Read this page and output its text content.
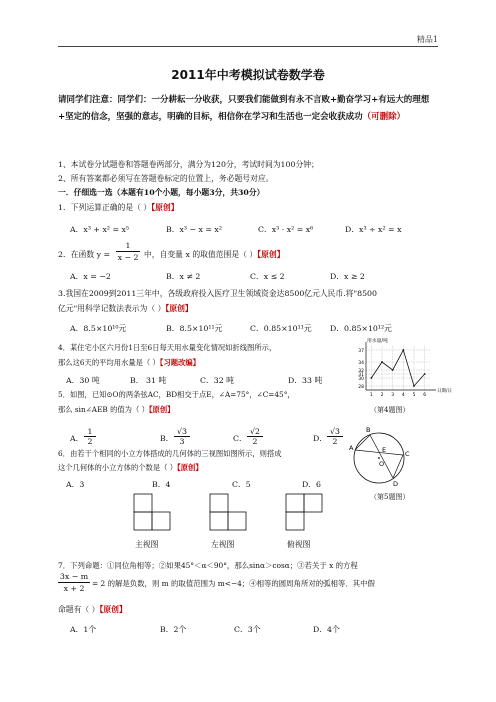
精品1
2011年中考模拟试卷数学卷
请同学们注意：同学们：一分耕耘一分收获，只要我们能做到有永不言败+勤奋学习+有远大的理想+坚定的信念，坚强的意志，明确的目标，相信你在学习和生活也一定会收获成功（可删除）
1、本试卷分试题卷和答题卷两部分，满分为120分，考试时间为100分钟；
2、所有答案都必须写在答题卷标定的位置上，务必题号对应。
一．仔细选一选（本题有10个小题，每小题3分，共30分）
1．下列运算正确的是（ ）【原创】
A．x³ + x² = x⁵	B．x³ − x = x²	C．x³ · x² = x⁶	D．x³ ÷ x² = x
2．在函数 y =
1
x − 2 中，自变量 x 的取值范围是（ ）【原创】
A．x = −2	B．x ≠ 2	C．x ≤ 2	D．x ≥ 2
3.我国在2009到2011三年中，各级政府投入医疗卫生领域资金达8500亿元人民币.将"8500
亿元"用科学记数法表示为（ ）【原创】
A．8.5×10¹⁰元	B．8.5×10¹¹元	C．0.85×10¹¹元 D．0.85×10¹²元
4．某住宅小区六月份1日至6日每天用水量变化情况如折线图所示，
那么这6天的平均用水量是（ ）【习题改编】
A．30 吨	B． 31 吨	C．32 吨	D．33 吨
28
30
31
32
34
37
1 2 3 4 5 6
用水量/吨
日期/日
（第4题图）
5．如图，已知⊙O的两条弦AC，BD相交于点E，∠A=75°，∠C=45°，
那么 sin∠AEB 的值为（ ）【原创】
A．
1
2	B．
√3
3	C．
√2
2	D．
√3
2
A
B
C
D
E
O
（第5题图）
6．由若干个相同的小立方体搭成的几何体的三视图如图所示，则搭成
这个几何体的小立方体的个数是（ ）【原创】
A．3	B．4	C．5	D．6
主视图	左视图	俯视图
7．下列命题：①同位角相等；②如果45°＜α＜90°，那么sinα＞cosα；③若关于 x 的方程
3x − m
x + 2
= 2 的解是负数，则 m 的取值范围为 m<−4；④相等的圆周角所对的弧相等．其中假
命题有（ ）【原创】
A．1个	B．2个	C．3个	D．4个
